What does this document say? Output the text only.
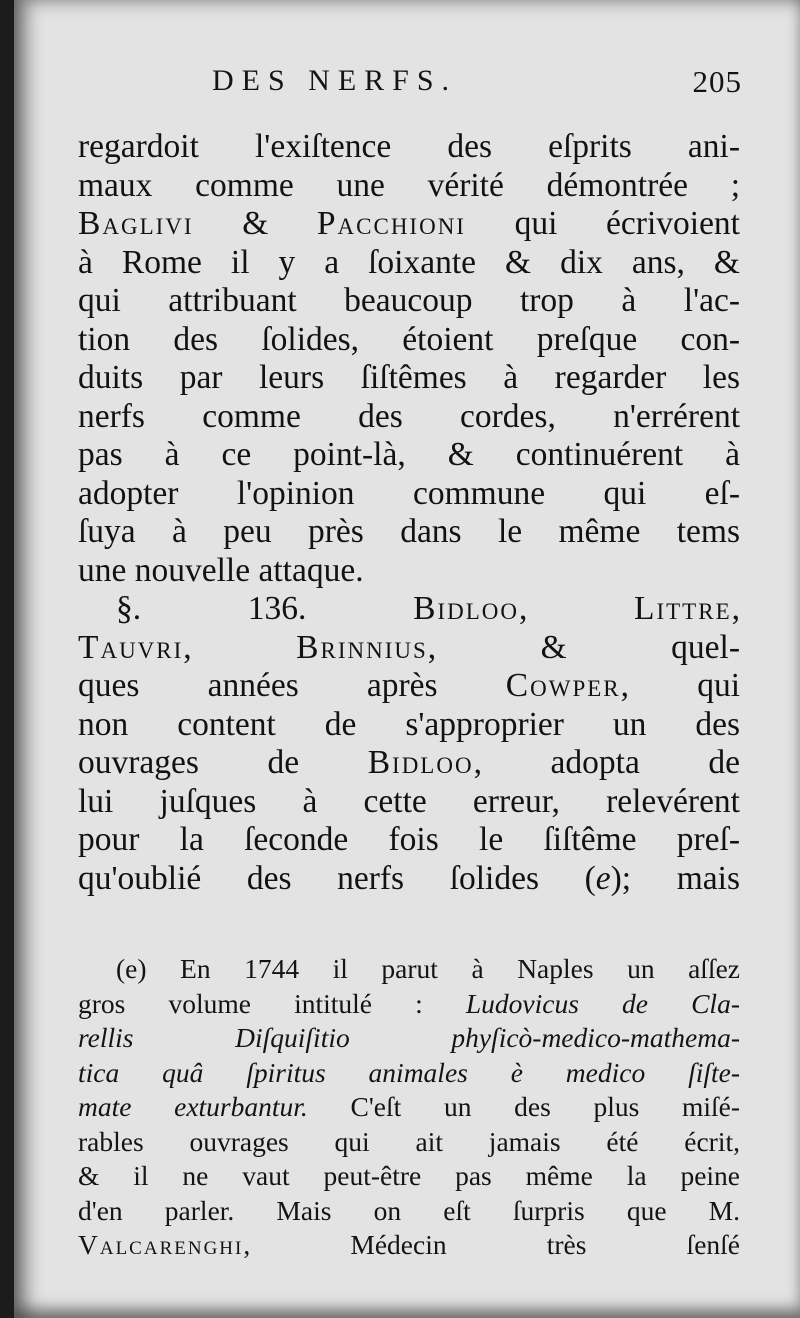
DES NERFS.	205
regardoit l'exiſtence des eſprits ani-
maux comme une vérité démontrée ;
Baglivi & Pacchioni qui écrivoient
à Rome il y a ſoixante & dix ans, &
qui attribuant beaucoup trop à l'ac-
tion des ſolides, étoient preſque con-
duits par leurs ſiſtêmes à regarder les
nerfs comme des cordes, n'errérent
pas à ce point-là, & continuérent à
adopter l'opinion commune qui eſ-
ſuya à peu près dans le même tems
une nouvelle attaque.
§. 136. Bidloo, Littre,
Tauvri, Brinnius, & quel-
ques années après Cowper, qui
non content de s'approprier un des
ouvrages de Bidloo, adopta de
lui juſques à cette erreur, relevérent
pour la ſeconde fois le ſiſtême preſ-
qu'oublié des nerfs ſolides (e); mais
(e) En 1744 il parut à Naples un aſſez
gros volume intitulé : Ludovicus de Cla-
rellis Diſquiſitio phyſicò-medico-mathema-
tica quâ ſpiritus animales è medico ſiſte-
mate exturbantur. C'eſt un des plus miſé-
rables ouvrages qui ait jamais été écrit,
& il ne vaut peut-être pas même la peine
d'en parler. Mais on eſt ſurpris que M.
Valcarenghi, Médecin très ſenſé
